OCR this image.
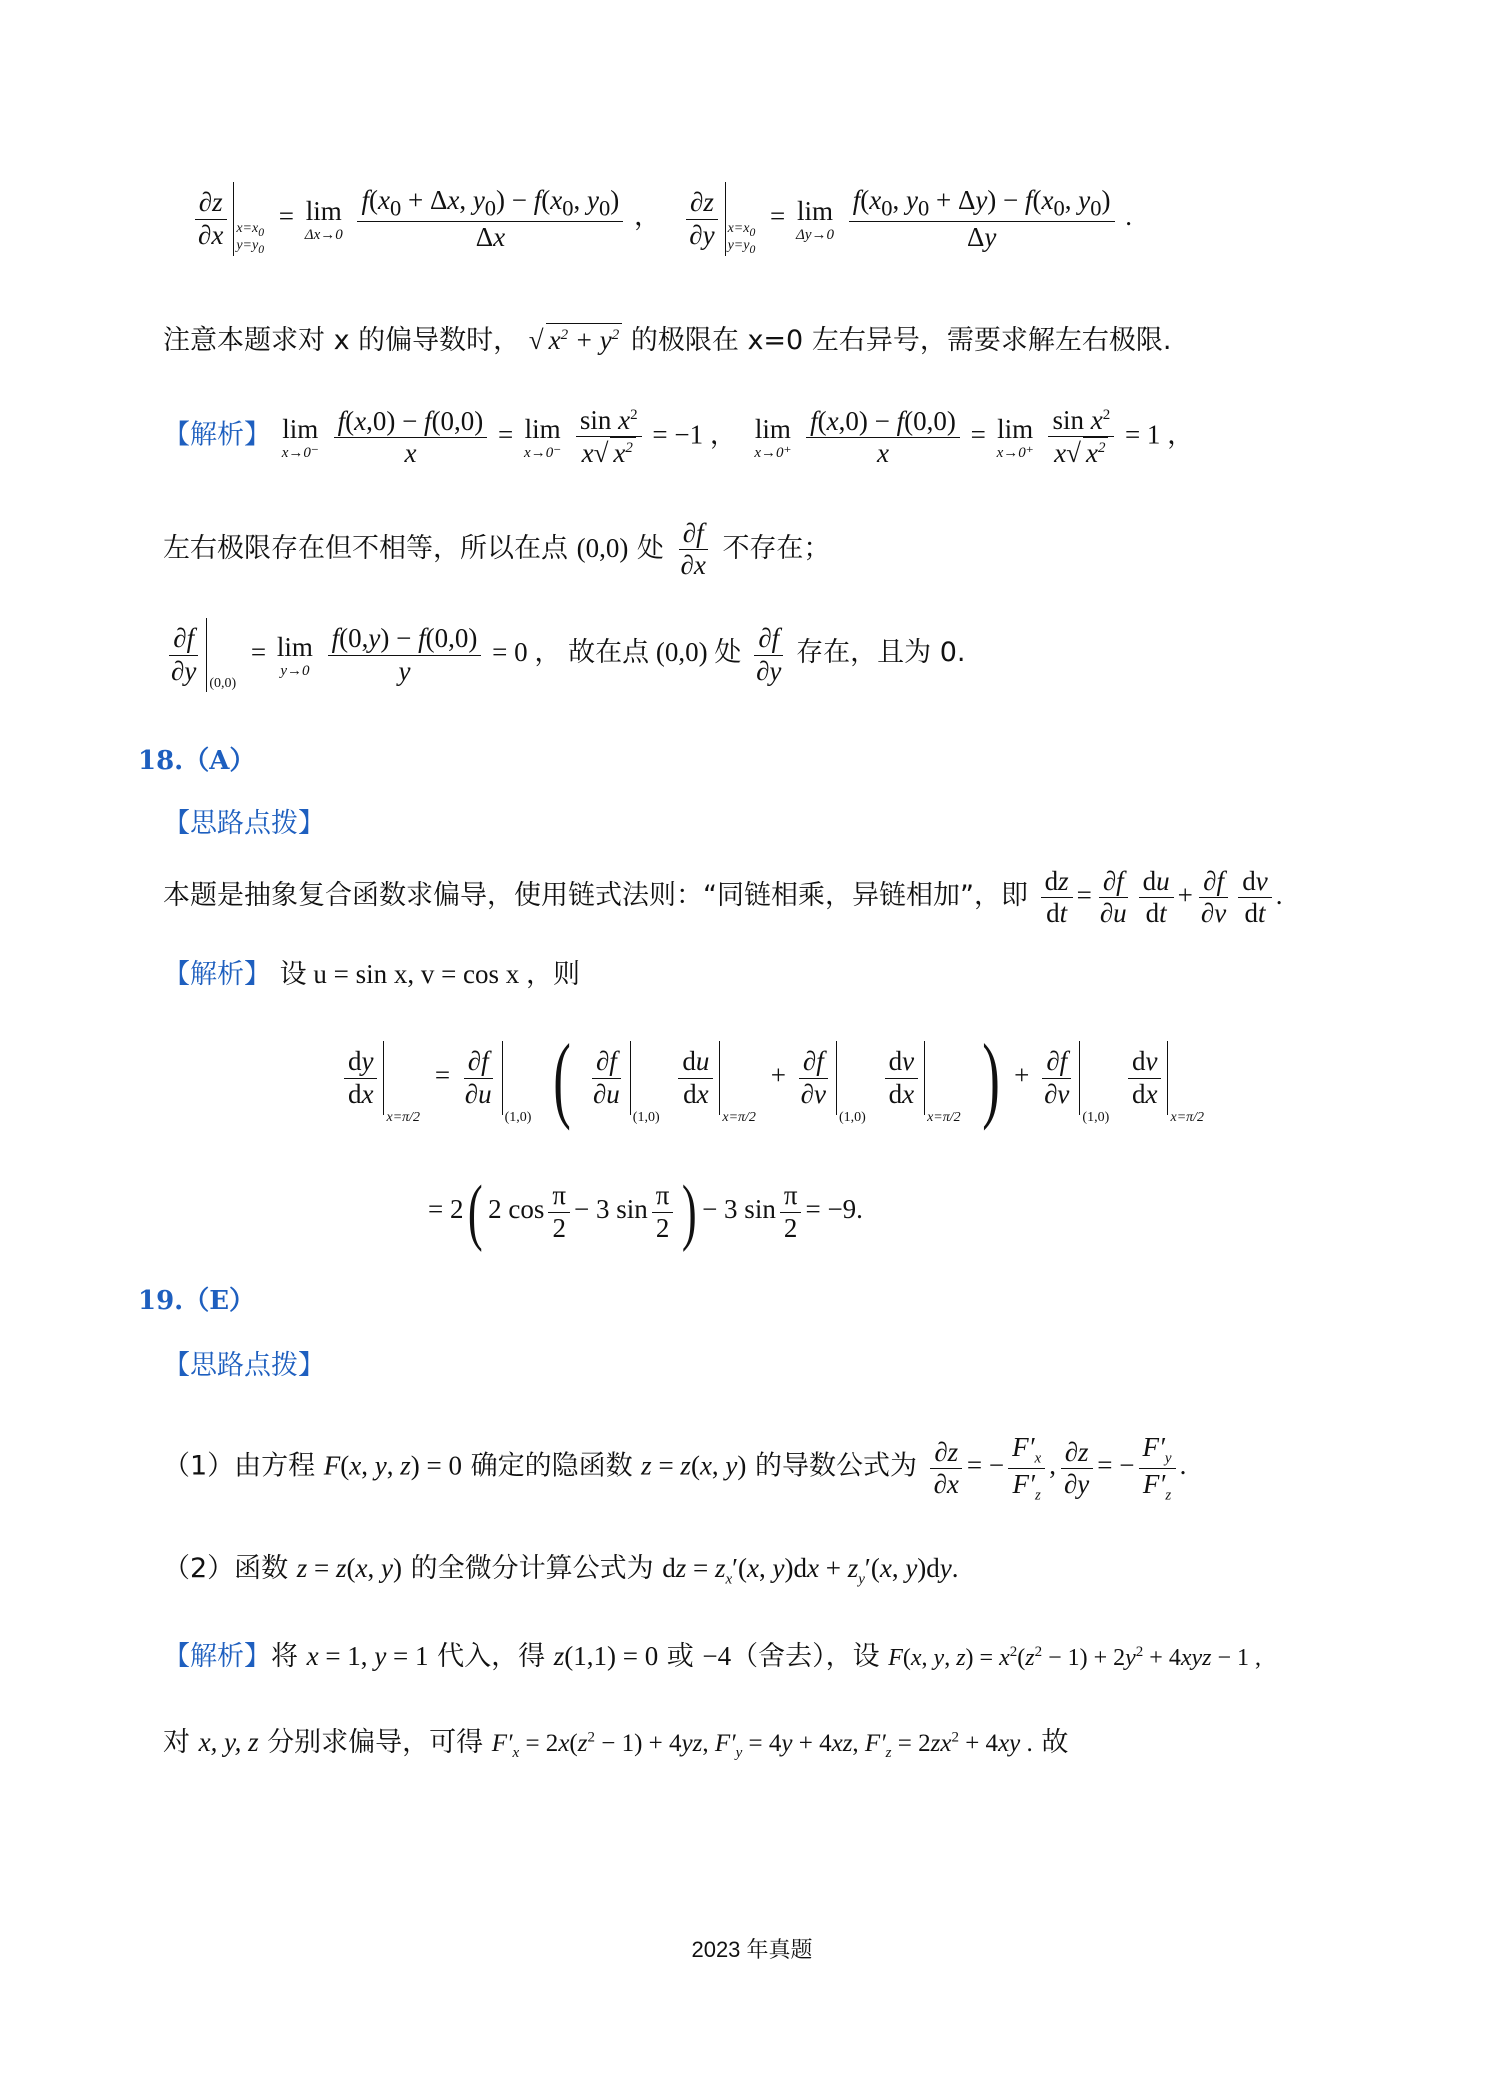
$\frac{\partial z}{\partial x} x=x_0$
$y=y_0$
= lim
Δx→0
$\frac{f(x_0 + \Delta x, y_0) - f(x_0, y_0)}{\Delta x}$ ， $\frac{\partial z}{\partial y} x=x_0$
$y=y_0$
= lim
Δy→0
$\frac{f(x_0, y_0 + \Delta y) - f(x_0, y_0)}{\Delta y}$ .
注意本题求对 x 的偏导数时， √ $x^2 + y^2$ 的极限在 x=0 左右异号，需要求解左右极限.
【解析】 lim
x→0⁻
$\frac{f(x,0) - f(0,0)}{x} = \lim$
x→0⁻
$\frac{\sin x^2}{x√ x^2} = -1$ ， lim
x→0⁺
$\frac{f(x,0) - f(0,0)}{x} = \lim$
x→0⁺
$\frac{\sin x^2}{x√ x^2} = 1$ ，
左右极限存在但不相等，所以在点 (0,0) 处 $\frac{\partial f}{\partial x}$ 不存在；
$\frac{\partial f}{\partial y}$
(0,0)
= lim
y→0
$\frac{f(0,y) - f(0,0)}{y} = 0$ ， 故在点 (0,0) 处 $\frac{\partial f}{\partial y}$ 存在，且为 0.
18.（A）
【思路点拨】
本题是抽象复合函数求偏导，使用链式法则：“同链相乘，异链相加”，即 $\frac{dz}{dt} = \frac{\partial f}{\partial u} \frac{du}{dt} + \frac{\partial f}{\partial v} \frac{dv}{dt}$ .
【解析】 设 u = sin x, v = cos x ，则
$\frac{dy}{dx}$

x=π/2
= $\frac{\partial f}{\partial u}$

(1,0) ( $\frac{\partial f}{\partial u}$

(1,0)

$\frac{du}{dx}$

x=π/2
+ $\frac{\partial f}{\partial v}$

(1,0)

$\frac{dv}{dx}$

x=π/2 ) + $\frac{\partial f}{\partial v}$

(1,0)

$\frac{dv}{dx}$

x=π/2
= 2( 2 $\cos \frac{\pi}{2} - 3$ $\sin \frac{\pi}{2}$ ) − 3 $\sin \frac{\pi}{2} = -9$.
19.（E）
【思路点拨】
（1）由方程 F(x, y, z) = 0 确定的隐函数 z = z(x, y) 的导数公式为 $\frac{\partial z}{\partial x}$ = − $\frac{F'_x}{F'_z}$ , $\frac{\partial z}{\partial y}$ = − $\frac{F'_y}{F'_z}$ .
（2）函数 z = z(x, y) 的全微分计算公式为 dz = $z_x'(x$, $y)dx + z_y'(x$, y)dy.
【解析】将 x = 1, y = 1 代入，得 z(1,1) = 0 或 −4（舍去），设 F(x, y, $z) = x^2(z^2 - 1) + 2y^2 + 4xyz - 1$ ,
对 x, y, z 分别求偏导，可得 $F'_x = 2x(z^2 - 1) + 4yz$, $F'_y = 4y + 4xz$, $F'_z = 2zx^2 + 4xy$ . 故
2023 年真题
